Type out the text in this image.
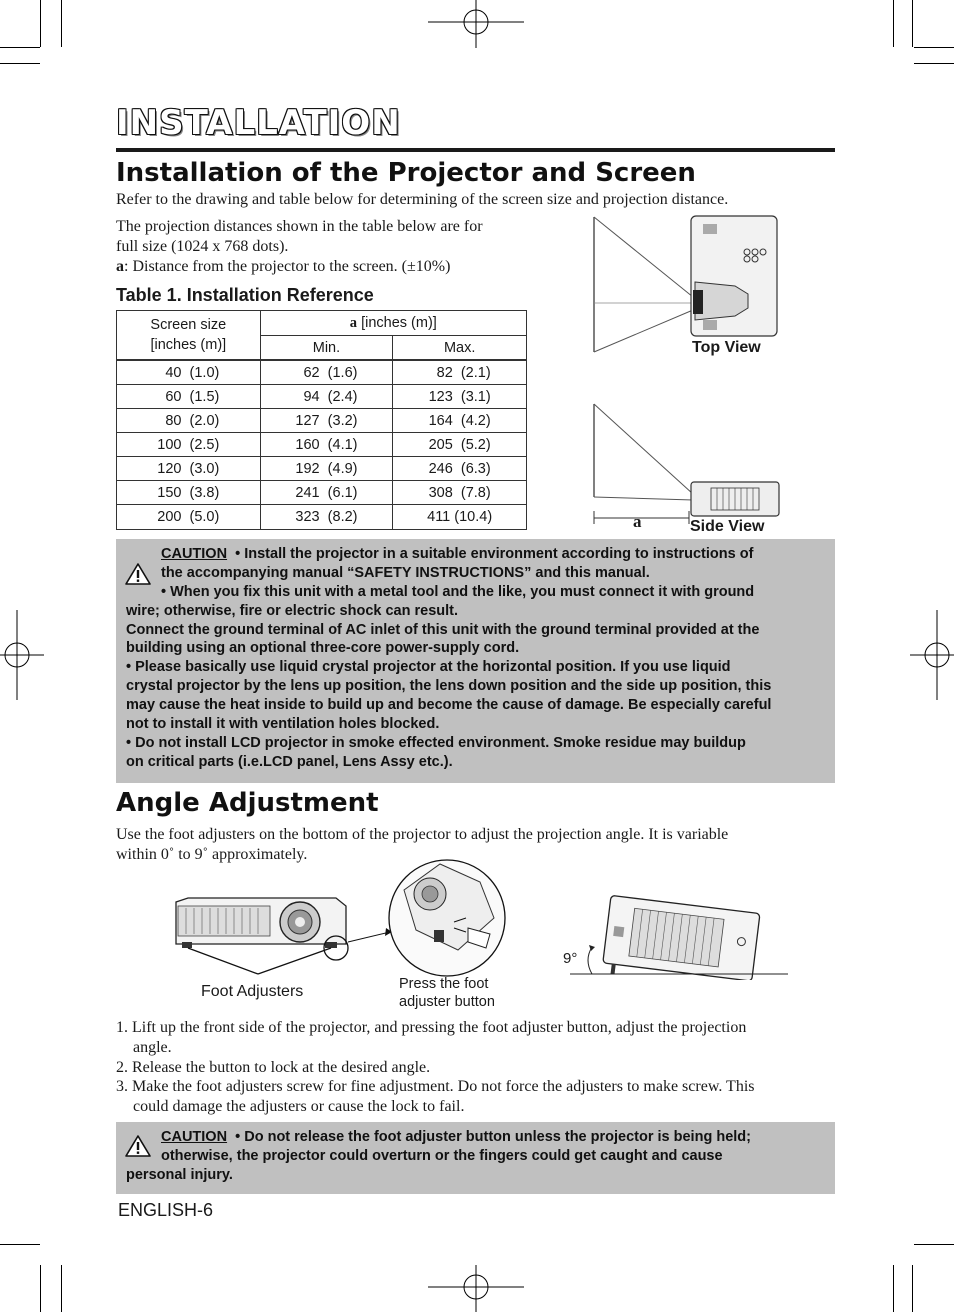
INSTALLATION
Installation of the Projector and Screen
Refer to the drawing and table below for determining of the screen size and projection distance.
The projection distances shown in the table below are for
full size (1024 x 768 dots).
a: Distance from the projector to the screen. (±10%)
Table 1. Installation Reference
Screen size
[inches (m)]	a [inches (m)]	
	Min.	Max.
40  (1.0)	62  (1.6)	82  (2.1)
60  (1.5)	94  (2.4)	123  (3.1)
80  (2.0)	127  (3.2)	164  (4.2)
100  (2.5)	160  (4.1)	205  (5.2)
120  (3.0)	192  (4.9)	246  (6.3)
150  (3.8)	241  (6.1)	308  (7.8)
200  (5.0)	323  (8.2)	411 (10.4)
Top View
Side View
a
CAUTION  • Install the projector in a suitable environment according to instructions of
the accompanying manual “SAFETY INSTRUCTIONS” and this manual.
• When you fix this unit with a metal tool and the like, you must connect it with ground
wire; otherwise, fire or electric shock can result.
Connect the ground terminal of AC inlet of this unit with the ground terminal provided at the
building using an optional three-core power-supply cord.
• Please basically use liquid crystal projector at the horizontal position. If you use liquid
crystal projector by the lens up position, the lens down position and the side up position, this
may cause the heat inside to build up and become the cause of damage. Be especially careful
not to install it with ventilation holes blocked.
• Do not install LCD projector in smoke effected environment. Smoke residue may buildup
on critical parts (i.e.LCD panel, Lens Assy etc.).
Angle Adjustment
Use the foot adjusters on the bottom of the projector to adjust the projection angle. It is variable
within 0˚ to 9˚ approximately.
Foot Adjusters	Press the foot
adjuster button
9°
1. Lift up the front side of the projector, and pressing the foot adjuster button, adjust the projection
angle.
2. Release the button to lock at the desired angle.
3. Make the foot adjusters screw for fine adjustment. Do not force the adjusters to make screw. This
could damage the adjusters or cause the lock to fail.
CAUTION  • Do not release the foot adjuster button unless the projector is being held;
otherwise, the projector could overturn or the fingers could get caught and cause
personal injury.
ENGLISH-6
